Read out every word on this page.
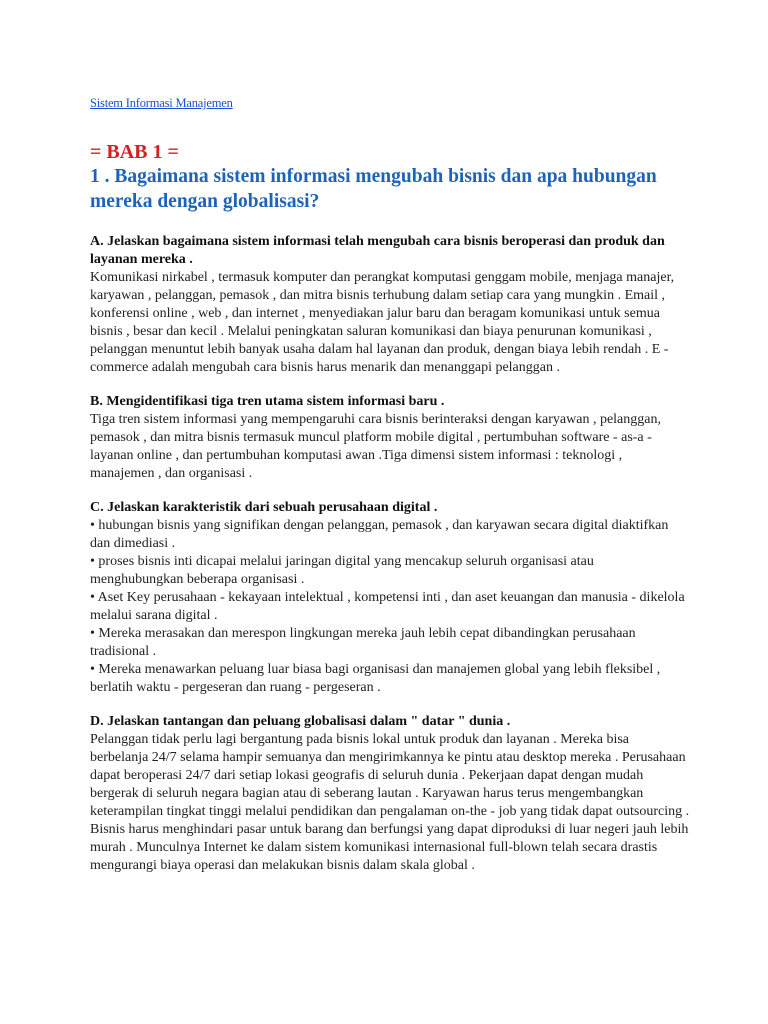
Sistem Informasi Manajemen
= BAB 1 =
1 . Bagaimana sistem informasi mengubah bisnis dan apa hubungan mereka dengan globalisasi?
A. Jelaskan bagaimana sistem informasi telah mengubah cara bisnis beroperasi dan produk dan layanan mereka .
Komunikasi nirkabel , termasuk komputer dan perangkat komputasi genggam mobile, menjaga manajer, karyawan , pelanggan, pemasok , dan mitra bisnis terhubung dalam setiap cara yang mungkin . Email , konferensi online , web , dan internet , menyediakan jalur baru dan beragam komunikasi untuk semua bisnis , besar dan kecil . Melalui peningkatan saluran komunikasi dan biaya penurunan komunikasi , pelanggan menuntut lebih banyak usaha dalam hal layanan dan produk, dengan biaya lebih rendah . E -commerce adalah mengubah cara bisnis harus menarik dan menanggapi pelanggan .
B. Mengidentifikasi tiga tren utama sistem informasi baru .
Tiga tren sistem informasi yang mempengaruhi cara bisnis berinteraksi dengan karyawan , pelanggan, pemasok , dan mitra bisnis termasuk muncul platform mobile digital , pertumbuhan software - as-a - layanan online , dan pertumbuhan komputasi awan .Tiga dimensi sistem informasi : teknologi , manajemen , dan organisasi .
C. Jelaskan karakteristik dari sebuah perusahaan digital .
• hubungan bisnis yang signifikan dengan pelanggan, pemasok , dan karyawan secara digital diaktifkan dan dimediasi .
• proses bisnis inti dicapai melalui jaringan digital yang mencakup seluruh organisasi atau menghubungkan beberapa organisasi .
• Aset Key perusahaan - kekayaan intelektual , kompetensi inti , dan aset keuangan dan manusia - dikelola melalui sarana digital .
• Mereka merasakan dan merespon lingkungan mereka jauh lebih cepat dibandingkan perusahaan tradisional .
• Mereka menawarkan peluang luar biasa bagi organisasi dan manajemen global yang lebih fleksibel , berlatih waktu - pergeseran dan ruang - pergeseran .
D. Jelaskan tantangan dan peluang globalisasi dalam " datar " dunia .
Pelanggan tidak perlu lagi bergantung pada bisnis lokal untuk produk dan layanan . Mereka bisa berbelanja 24/7 selama hampir semuanya dan mengirimkannya ke pintu atau desktop mereka . Perusahaan dapat beroperasi 24/7 dari setiap lokasi geografis di seluruh dunia . Pekerjaan dapat dengan mudah bergerak di seluruh negara bagian atau di seberang lautan . Karyawan harus terus mengembangkan keterampilan tingkat tinggi melalui pendidikan dan pengalaman on-the - job yang tidak dapat outsourcing . Bisnis harus menghindari pasar untuk barang dan berfungsi yang dapat diproduksi di luar negeri jauh lebih murah . Munculnya Internet ke dalam sistem komunikasi internasional full-blown telah secara drastis mengurangi biaya operasi dan melakukan bisnis dalam skala global .
